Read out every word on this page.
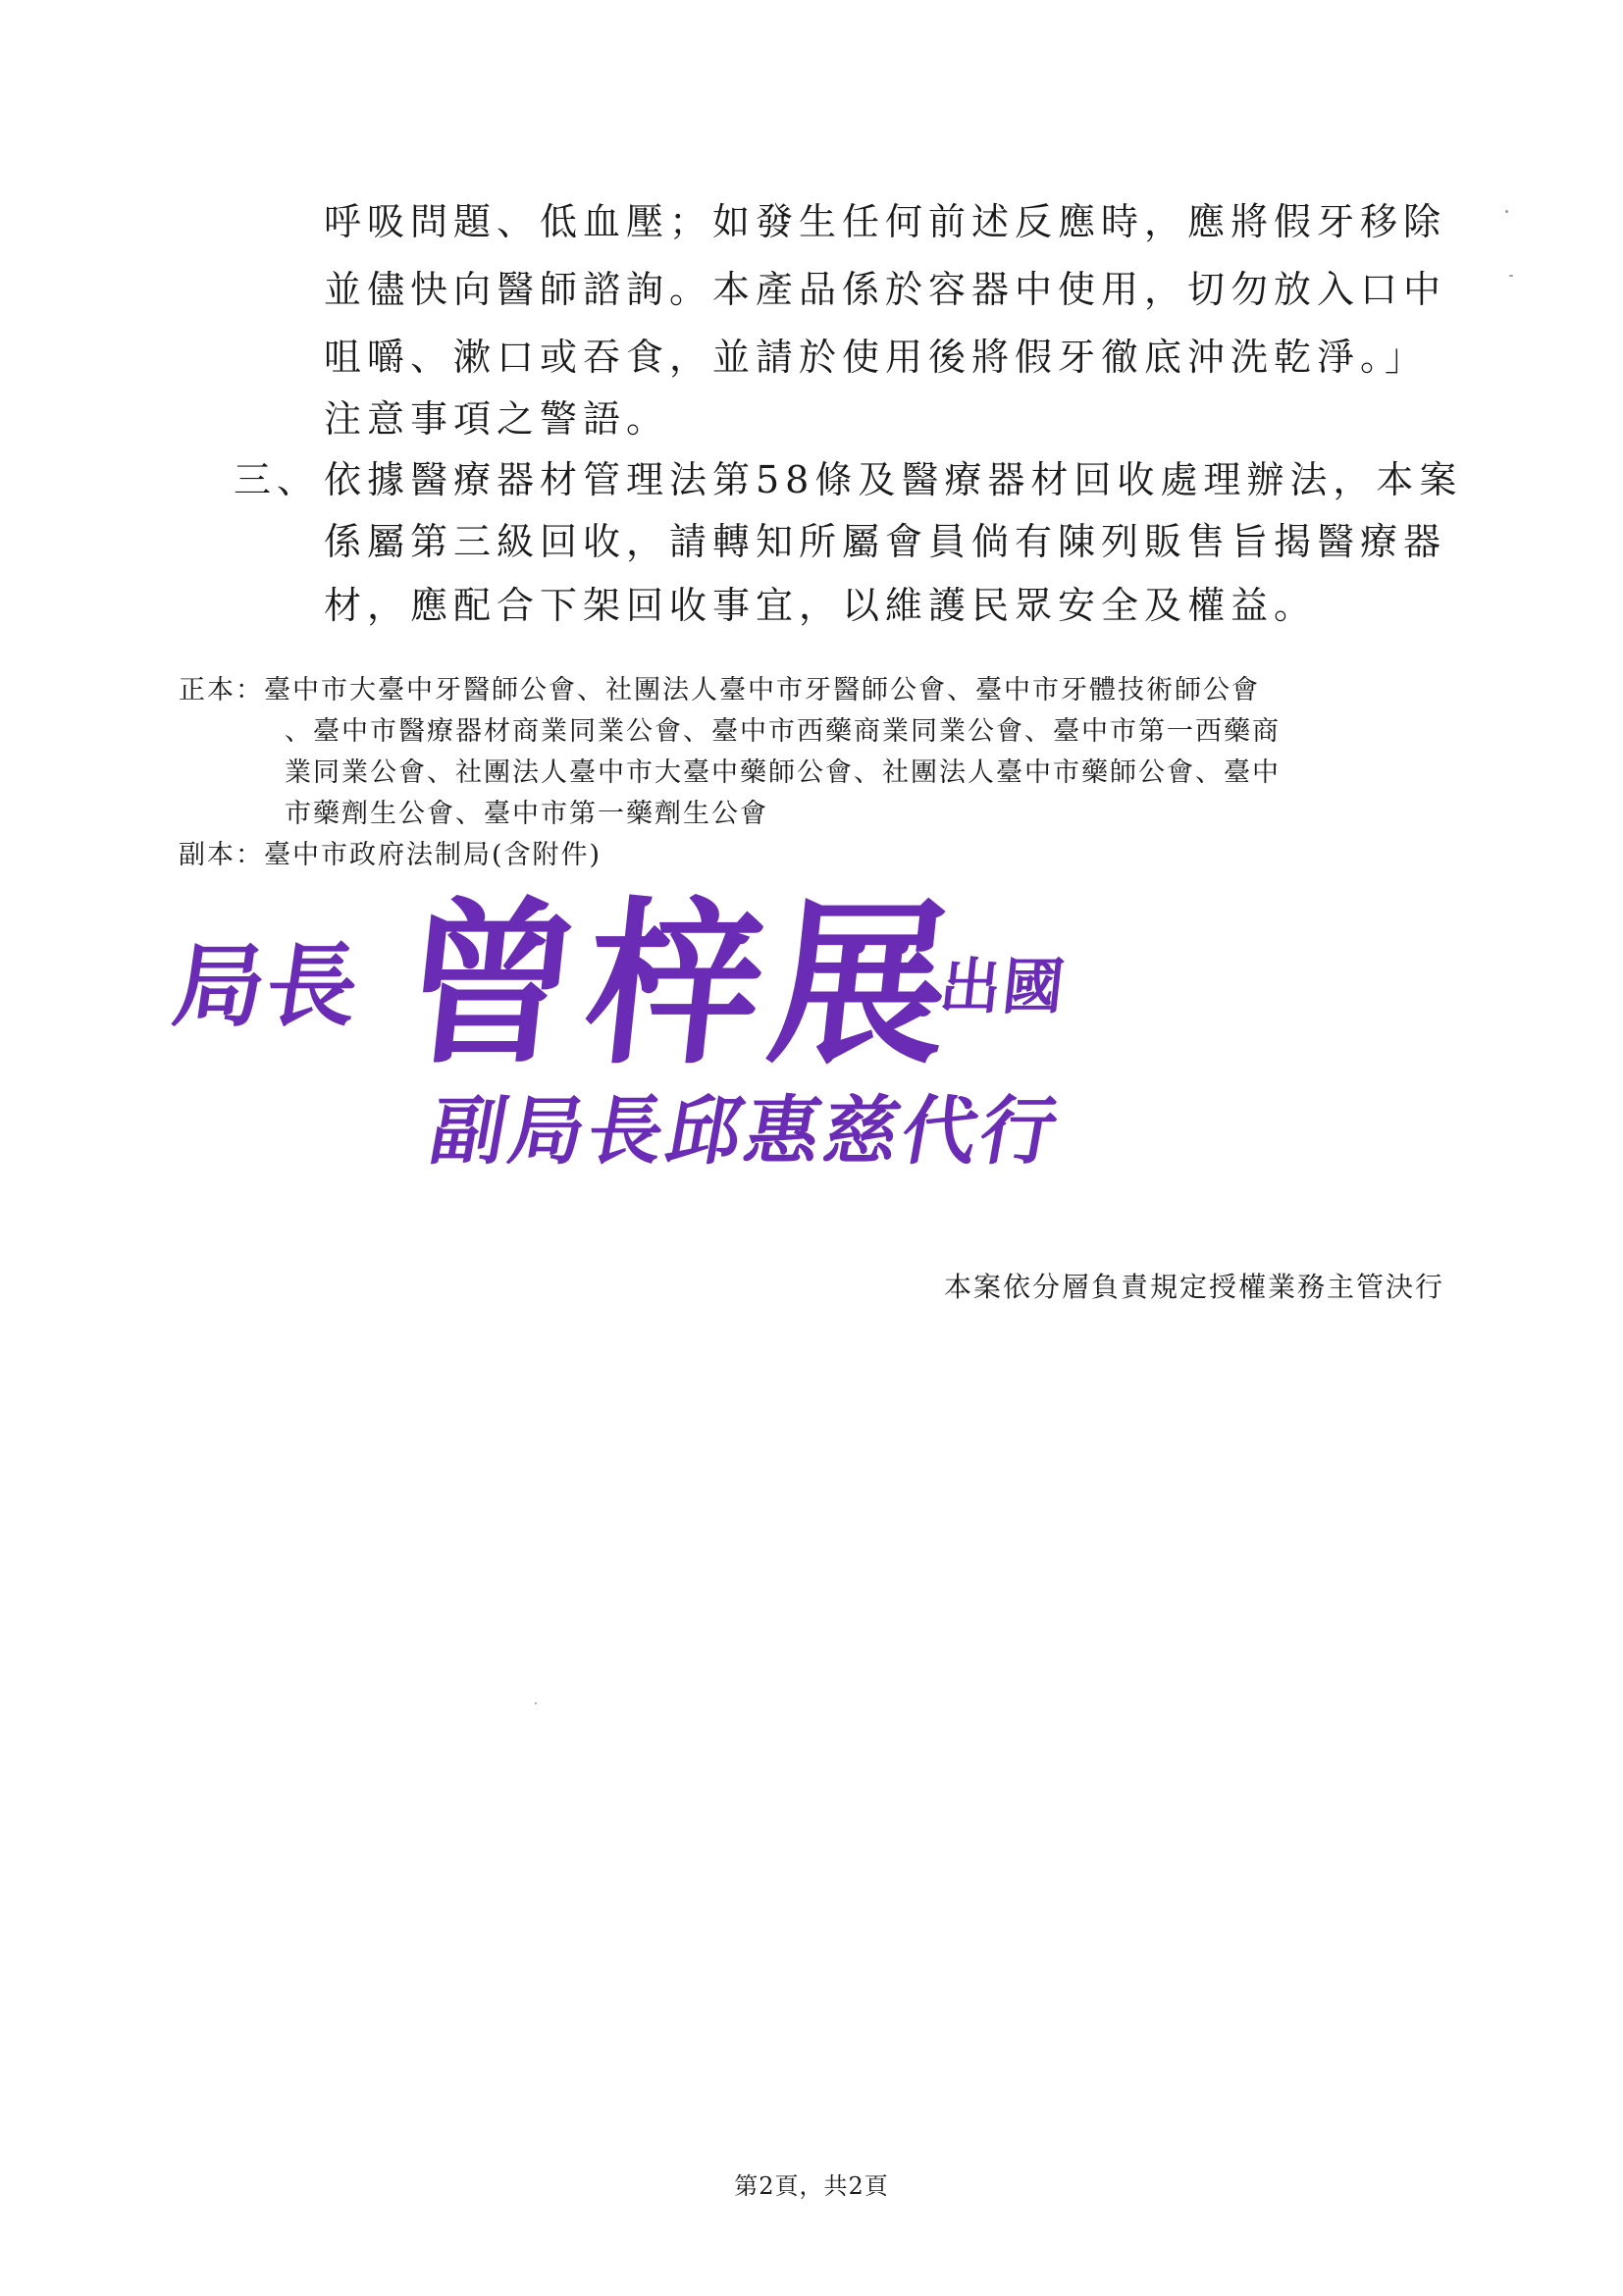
呼吸問題、低血壓；如發生任何前述反應時，應將假牙移除
並儘快向醫師諮詢。本產品係於容器中使用，切勿放入口中
咀嚼、漱口或吞食，並請於使用後將假牙徹底沖洗乾淨。」
注意事項之警語。
三、 依據醫療器材管理法第58條及醫療器材回收處理辦法，本案
係屬第三級回收，請轉知所屬會員倘有陳列販售旨揭醫療器
材，應配合下架回收事宜，以維護民眾安全及權益。
正本：臺中市大臺中牙醫師公會、社團法人臺中市牙醫師公會、臺中市牙體技術師公會
、臺中市醫療器材商業同業公會、臺中市西藥商業同業公會、臺中市第一西藥商
業同業公會、社團法人臺中市大臺中藥師公會、社團法人臺中市藥師公會、臺中
市藥劑生公會、臺中市第一藥劑生公會
副本：臺中市政府法制局(含附件)
局長 曾梓展
出國
副局長邱惠慈代行
本案依分層負責規定授權業務主管決行
第2頁，共2頁
